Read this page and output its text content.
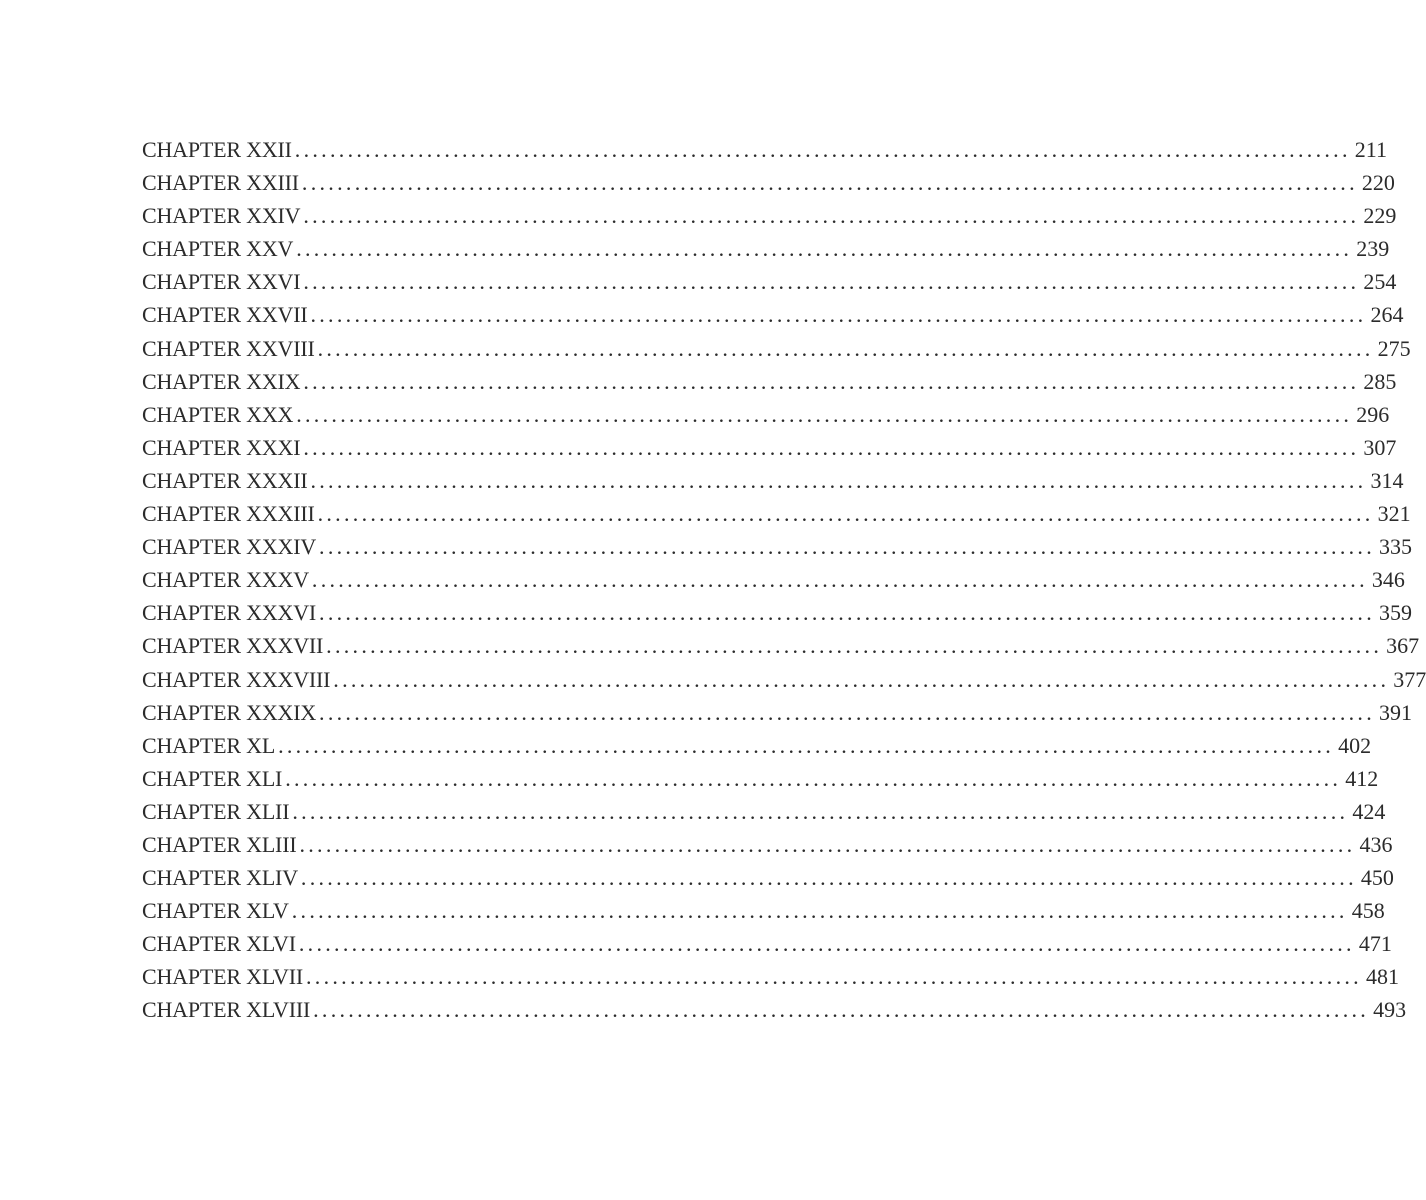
CHAPTER XXII ........................................................................................................................ 211
CHAPTER XXIII ........................................................................................................................ 220
CHAPTER XXIV ........................................................................................................................ 229
CHAPTER XXV ........................................................................................................................ 239
CHAPTER XXVI ........................................................................................................................ 254
CHAPTER XXVII ........................................................................................................................ 264
CHAPTER XXVIII ........................................................................................................................ 275
CHAPTER XXIX ........................................................................................................................ 285
CHAPTER XXX ........................................................................................................................ 296
CHAPTER XXXI ........................................................................................................................ 307
CHAPTER XXXII ........................................................................................................................ 314
CHAPTER XXXIII ........................................................................................................................ 321
CHAPTER XXXIV ........................................................................................................................ 335
CHAPTER XXXV ........................................................................................................................ 346
CHAPTER XXXVI ........................................................................................................................ 359
CHAPTER XXXVII ........................................................................................................................ 367
CHAPTER XXXVIII ........................................................................................................................ 377
CHAPTER XXXIX ........................................................................................................................ 391
CHAPTER XL ........................................................................................................................ 402
CHAPTER XLI ........................................................................................................................ 412
CHAPTER XLII ........................................................................................................................ 424
CHAPTER XLIII ........................................................................................................................ 436
CHAPTER XLIV ........................................................................................................................ 450
CHAPTER XLV ........................................................................................................................ 458
CHAPTER XLVI ........................................................................................................................ 471
CHAPTER XLVII ........................................................................................................................ 481
CHAPTER XLVIII ........................................................................................................................ 493
